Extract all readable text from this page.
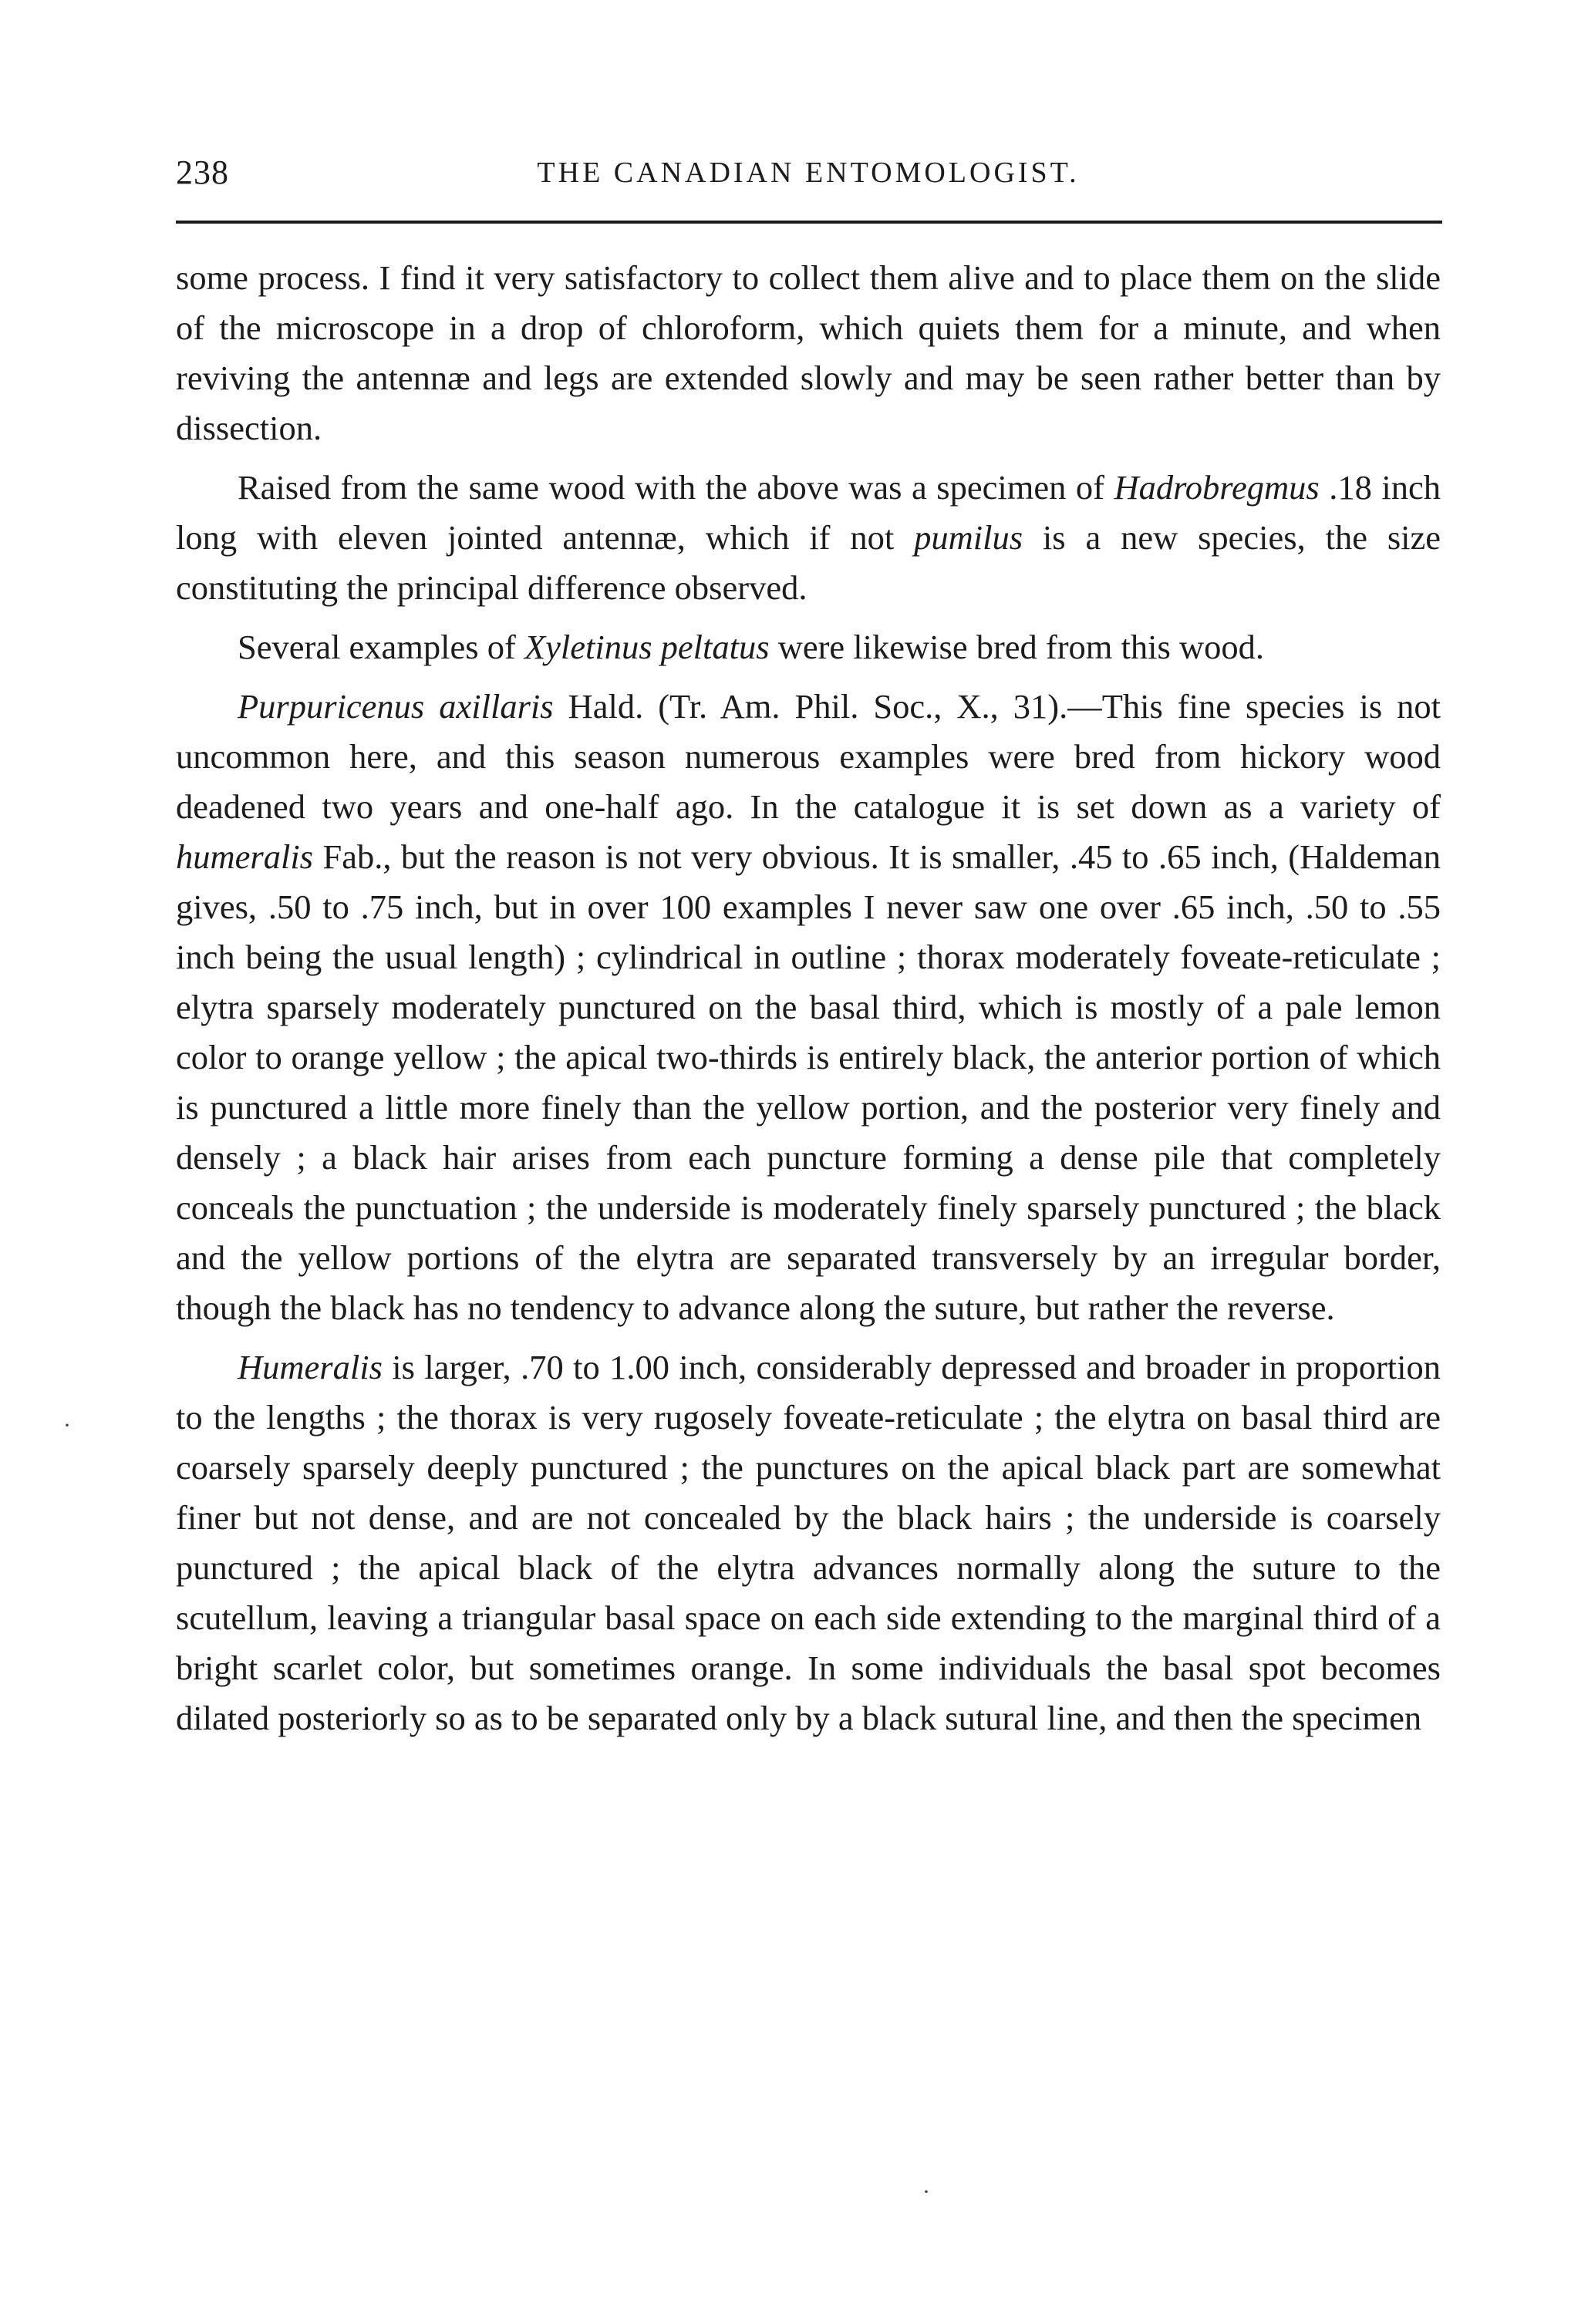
238	THE CANADIAN ENTOMOLOGIST.

some process. I find it very satisfactory to collect them alive and to place them on the slide of the microscope in a drop of chloroform, which quiets them for a minute, and when reviving the antennæ and legs are extended slowly and may be seen rather better than by dissection.

Raised from the same wood with the above was a specimen of Hadrobregmus .18 inch long with eleven jointed antennæ, which if not pumilus is a new species, the size constituting the principal difference observed.

Several examples of Xyletinus peltatus were likewise bred from this wood.

Purpuricenus axillaris Hald. (Tr. Am. Phil. Soc., X., 31).—This fine species is not uncommon here, and this season numerous examples were bred from hickory wood deadened two years and one-half ago. In the catalogue it is set down as a variety of humeralis Fab., but the reason is not very obvious. It is smaller, .45 to .65 inch, (Haldeman gives, .50 to .75 inch, but in over 100 examples I never saw one over .65 inch, .50 to .55 inch being the usual length) ; cylindrical in outline ; thorax moderately foveate-reticulate ; elytra sparsely moderately punctured on the basal third, which is mostly of a pale lemon color to orange yellow ; the apical two-thirds is entirely black, the anterior portion of which is punctured a little more finely than the yellow portion, and the posterior very finely and densely ; a black hair arises from each puncture forming a dense pile that completely conceals the punctuation ; the underside is moderately finely sparsely punctured ; the black and the yellow portions of the elytra are separated transversely by an irregular border, though the black has no tendency to advance along the suture, but rather the reverse.

Humeralis is larger, .70 to 1.00 inch, considerably depressed and broader in proportion to the lengths ; the thorax is very rugosely foveate-reticulate ; the elytra on basal third are coarsely sparsely deeply punctured ; the punctures on the apical black part are somewhat finer but not dense, and are not concealed by the black hairs ; the underside is coarsely punctured ; the apical black of the elytra advances normally along the suture to the scutellum, leaving a triangular basal space on each side extending to the marginal third of a bright scarlet color, but sometimes orange. In some individuals the basal spot becomes dilated posteriorly so as to be separated only by a black sutural line, and then the specimen

·
·
